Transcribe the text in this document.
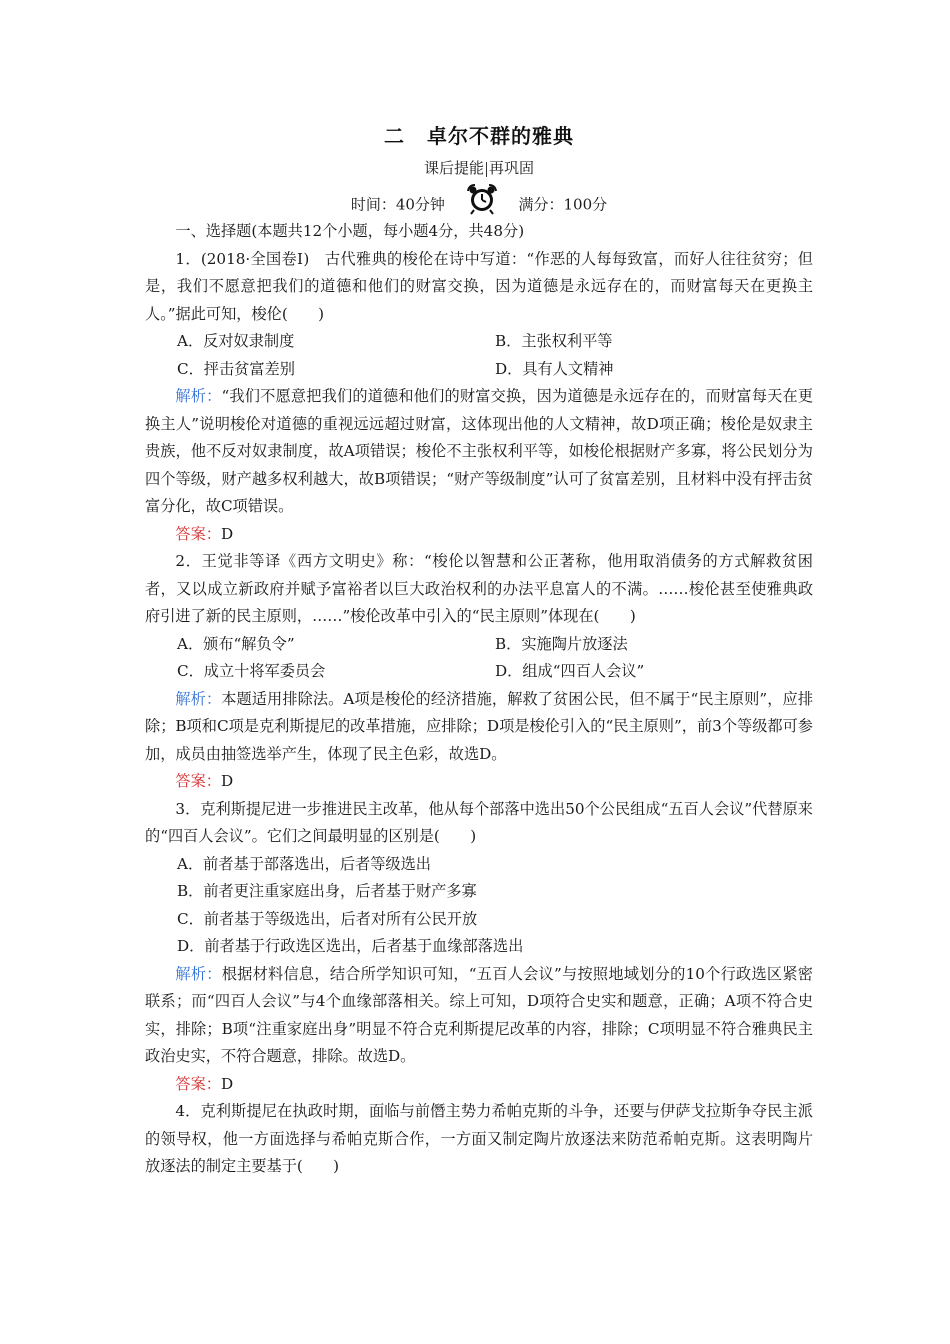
二 卓尔不群的雅典
课后提能 再巩固
时间：40分钟	满分：100分

一、选择题(本题共12个小题，每小题4分，共48分)

1．(2018·全国卷Ⅰ)　古代雅典的梭伦在诗中写道：“作恶的人每每致富，而好人往往贫穷；但是，我们不愿意把我们的道德和他们的财富交换，因为道德是永远存在的，而财富每天在更换主人。”据此可知，梭伦(　　)

A．反对奴隶制度	B．主张权利平等
C．抨击贫富差别	D．具有人文精神

解析：“我们不愿意把我们的道德和他们的财富交换，因为道德是永远存在的，而财富每天在更换主人”说明梭伦对道德的重视远远超过财富，这体现出他的人文精神，故D项正确；梭伦是奴隶主贵族，他不反对奴隶制度，故A项错误；梭伦不主张权利平等，如梭伦根据财产多寡，将公民划分为四个等级，财产越多权利越大，故B项错误；“财产等级制度”认可了贫富差别，且材料中没有抨击贫富分化，故C项错误。

答案：D

2．王觉非等译《西方文明史》称：“梭伦以智慧和公正著称，他用取消债务的方式解救贫困者，又以成立新政府并赋予富裕者以巨大政治权利的办法平息富人的不满。……梭伦甚至使雅典政府引进了新的民主原则，……”梭伦改革中引入的“民主原则”体现在(　　)

A．颁布“解负令”	B．实施陶片放逐法
C．成立十将军委员会	D．组成“四百人会议”

解析：本题适用排除法。A项是梭伦的经济措施，解救了贫困公民，但不属于“民主原则”，应排除；B项和C项是克利斯提尼的改革措施，应排除；D项是梭伦引入的“民主原则”，前3个等级都可参加，成员由抽签选举产生，体现了民主色彩，故选D。

答案：D

3．克利斯提尼进一步推进民主改革，他从每个部落中选出50个公民组成“五百人会议”代替原来的“四百人会议”。它们之间最明显的区别是(　　)

A．前者基于部落选出，后者等级选出
B．前者更注重家庭出身，后者基于财产多寡
C．前者基于等级选出，后者对所有公民开放
D．前者基于行政选区选出，后者基于血缘部落选出

解析：根据材料信息，结合所学知识可知，“五百人会议”与按照地域划分的10个行政选区紧密联系；而“四百人会议”与4个血缘部落相关。综上可知，D项符合史实和题意，正确；A项不符合史实，排除；B项“注重家庭出身”明显不符合克利斯提尼改革的内容，排除；C项明显不符合雅典民主政治史实，不符合题意，排除。故选D。

答案：D

4．克利斯提尼在执政时期，面临与前僭主势力希帕克斯的斗争，还要与伊萨戈拉斯争夺民主派的领导权，他一方面选择与希帕克斯合作，一方面又制定陶片放逐法来防范希帕克斯。这表明陶片放逐法的制定主要基于(　　)
